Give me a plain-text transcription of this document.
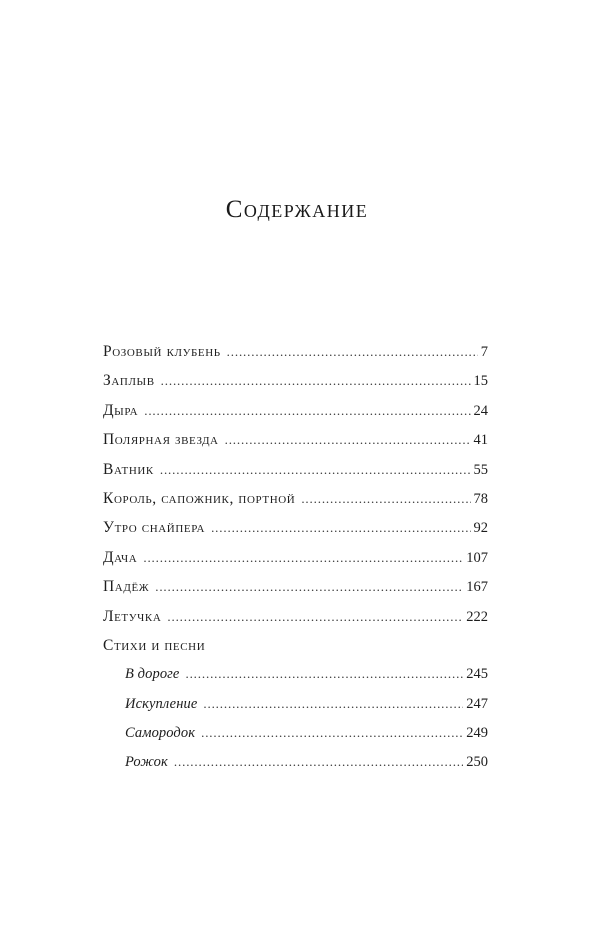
Содержание
Розовый клубень . . .	7
Заплыв . . .	15
Дыра . . .	24
Полярная звезда . . .	41
Ватник . . .	55
Король, сапожник, портной . . .	78
Утро снайпера . . .	92
Дача . . .	107
Падёж . . .	167
Летучка . . .	222
Стихи и песни
В дороге . . .	245
Искупление . . .	247
Самородок . . .	249
Рожок . . .	250
